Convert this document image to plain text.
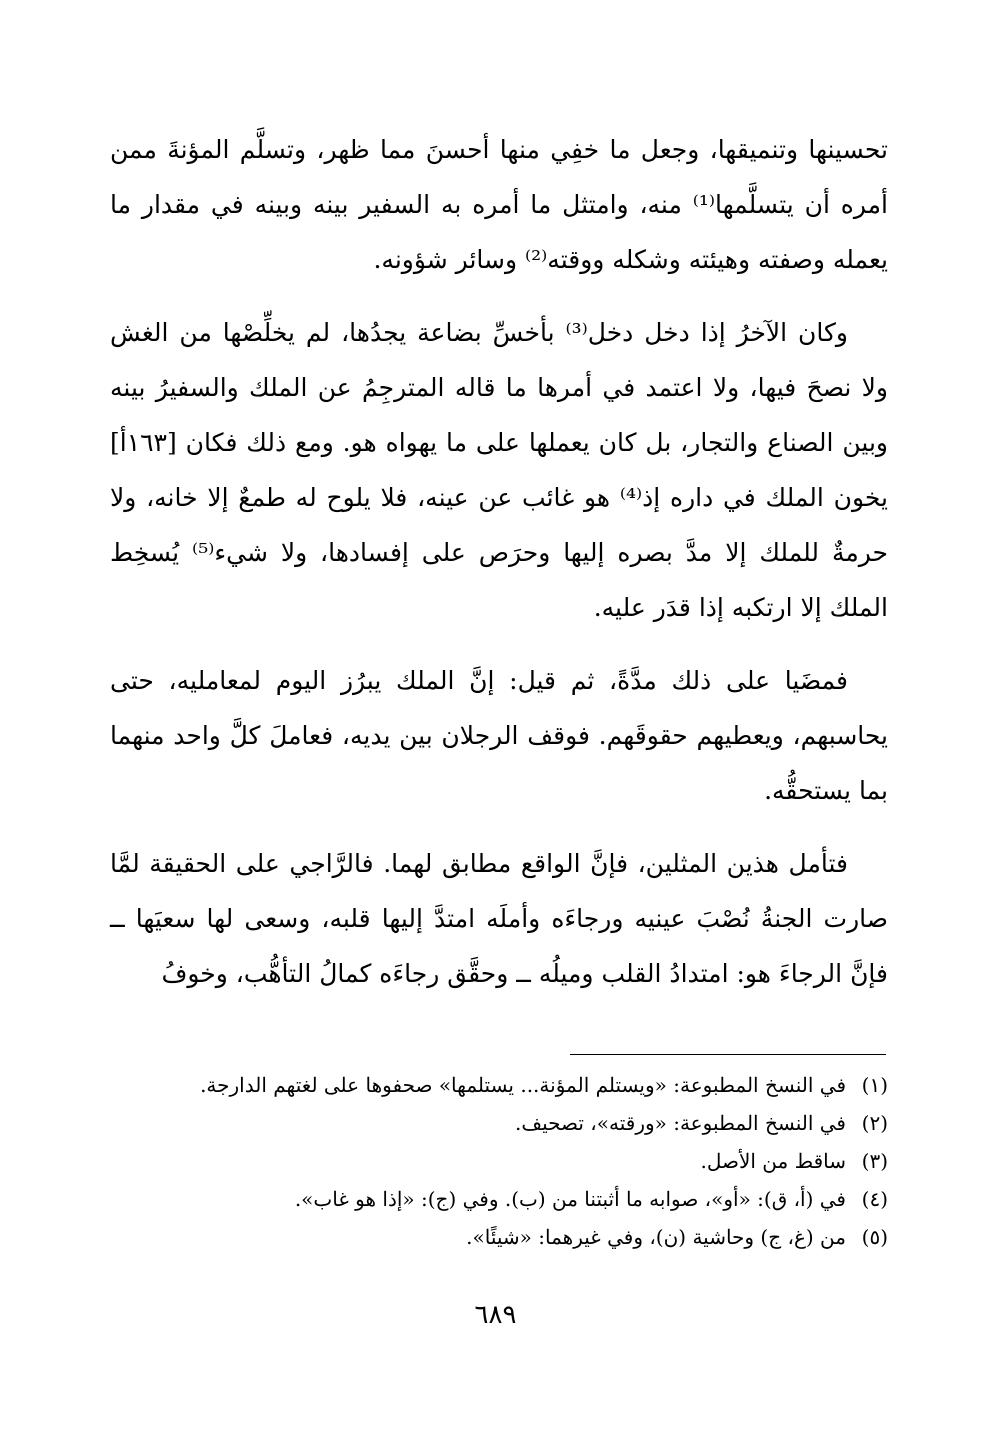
تحسينها وتنميقها، وجعل ما خفِي منها أحسنَ مما ظهر، وتسلَّم المؤنةَ ممن أمره أن يتسلَّمها⁽¹⁾ منه، وامتثل ما أمره به السفير بينه وبينه في مقدار ما يعمله وصفته وهيئته وشكله ووقته⁽²⁾ وسائر شؤونه.

وكان الآخرُ إذا دخل دخل⁽³⁾ بأخسِّ بضاعة يجدُها، لم يخلِّصْها من الغش ولا نصحَ فيها، ولا اعتمد في أمرها ما قاله المترجِمُ عن الملك والسفيرُ بينه وبين الصناع والتجار، بل كان يعملها على ما يهواه هو. ومع ذلك فكان [١٦٣أ] يخون الملك في داره إذ⁽⁴⁾ هو غائب عن عينه، فلا يلوح له طمعٌ إلا خانه، ولا حرمةٌ للملك إلا مدَّ بصره إليها وحرَص على إفسادها، ولا شيء⁽⁵⁾ يُسخِط الملك إلا ارتكبه إذا قدَر عليه.

فمضَيا على ذلك مدَّةً، ثم قيل: إنَّ الملك يبرُز اليوم لمعامليه، حتى يحاسبهم، ويعطيهم حقوقَهم. فوقف الرجلان بين يديه، فعاملَ كلَّ واحد منهما بما يستحقُّه.

فتأمل هذين المثلين، فإنَّ الواقع مطابق لهما. فالرَّاجي على الحقيقة لمَّا صارت الجنةُ نُصْبَ عينيه ورجاءَه وأملَه امتدَّ إليها قلبه، وسعى لها سعيَها ــ فإنَّ الرجاءَ هو: امتدادُ القلب وميلُه ــ وحقَّق رجاءَه كمالُ التأهُّب، وخوفُ

(١)
في النسخ المطبوعة: «ويستلم المؤنة... يستلمها» صحفوها على لغتهم الدارجة.
(٢)
في النسخ المطبوعة: «ورقته»، تصحيف.
(٣)
ساقط من الأصل.
(٤)
في (أ، ق): «أو»، صوابه ما أثبتنا من (ب). وفي (ج): «إذا هو غاب».
(٥)
من (غ، ج) وحاشية (ن)، وفي غيرهما: «شيئًا».
٦٨٩
